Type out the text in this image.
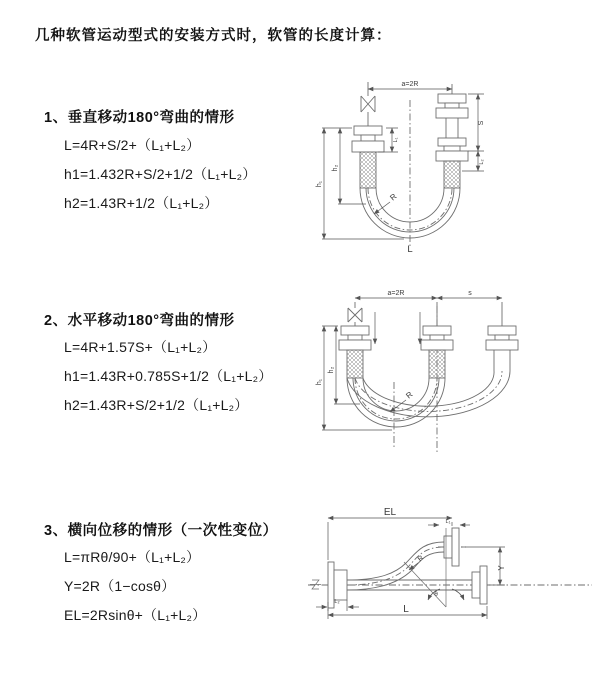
几种软管运动型式的安装方式时，软管的长度计算：
1、垂直移动180°弯曲的情形
L=4R+S/2+（L₁+L₂）
h1=1.432R+S/2+1/2（L₁+L₂）
h2=1.43R+1/2（L₁+L₂）
2、水平移动180°弯曲的情形
L=4R+1.57S+（L₁+L₂）
h1=1.43R+0.785S+1/2（L₁+L₂）
h2=1.43R+S/2+1/2（L₁+L₂）
3、横向位移的情形（一次性变位）
L=πRθ/90+（L₁+L₂）
Y=2R（1−cosθ）
EL=2Rsinθ+（L₁+L₂）
a=2R
h₁
h₂
L₁
S
L₂
R
L
a=2R	s
h₁
h₂
R
EL
L₁
Y
R
θ
L
L₂
